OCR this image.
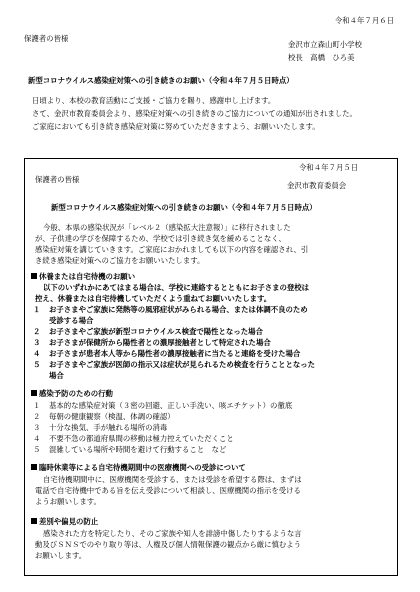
令和４年７月６日
保護者の皆様
金沢市立森山町小学校
校長　高橋　ひろ美
新型コロナウイルス感染症対策への引き続きのお願い（令和４年７月５日時点）
日頃より、本校の教育活動にご支援・ご協力を賜り、感謝申し上げます。
さて、金沢市教育委員会より、感染症対策への引き続きのご協力についての通知が出されました。
ご家庭においても引き続き感染症対策に努めていただきますよう、お願いいたします。
令和４年７月５日
保護者の皆様
金沢市教育委員会
新型コロナウイルス感染症対策への引き続きのお願い（令和４年７月５日時点）
今般、本県の感染状況が「レベル２（感染拡大注意報）」に移行されました
が、子供達の学びを保障するため、学校では引き続き気を緩めることなく、
感染症対策を講じていきます。ご家庭におかれましても以下の内容を確認され、引
き続き感染症対策へのご協力をお願いいたします。
休養または自宅待機のお願い
以下のいずれかにあてはまる場合は、学校に連絡するとともにお子さまの登校は
控え、休養または自宅待機していただくよう重ねてお願いいたします。
１ お子さまやご家族に発熱等の風邪症状がみられる場合、または体調不良のため
受診する場合
２ お子さまやご家族が新型コロナウイルス検査で陽性となった場合
３ お子さまが保健所から陽性者との濃厚接触者として特定された場合
４ お子さまが患者本人等から陽性者の濃厚接触者に当たると連絡を受けた場合
５ お子さまやご家族が医師の指示又は症状が見られるため検査を行うこととなった
場合
感染予防のための行動
１ 基本的な感染症対策（３密の回避、正しい手洗い、咳エチケット）の徹底
２ 毎朝の健康観察（検温、体調の確認）
３ 十分な換気、手が触れる場所の消毒
４ 不要不急の都道府県間の移動は極力控えていただくこと
５ 混雑している場所や時間を避けて行動すること　など
臨時休業等による自宅待機期間中の医療機関への受診について
自宅待機期間中に、医療機関を受診する、または受診を希望する際は、まずは
電話で自宅待機中である旨を伝え受診について相談し、医療機関の指示を受ける
ようお願いします。
差別や偏見の防止
感染された方を特定したり、そのご家族や知人を誹謗中傷したりするような言
動及びＳＮＳでのやり取り等は、人権及び個人情報保護の観点から厳に慎むよう
お願いします。
